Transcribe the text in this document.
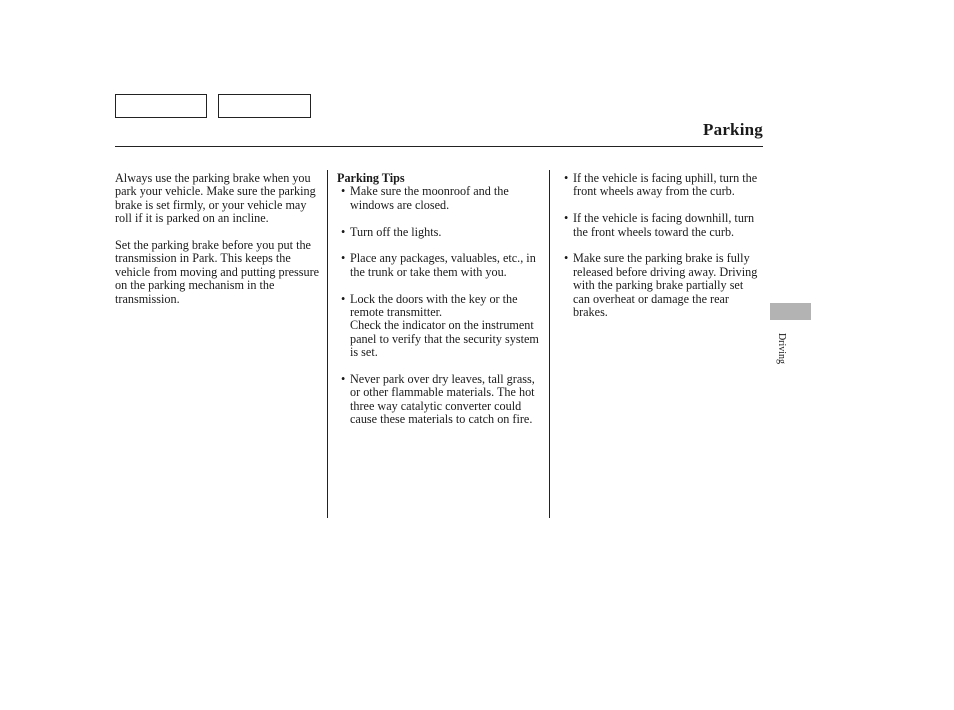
Parking

Always use the parking brake when you park your vehicle. Make sure the parking brake is set firmly, or your vehicle may roll if it is parked on an incline.

Set the parking brake before you put the transmission in Park. This keeps the vehicle from moving and putting pressure on the parking mechanism in the transmission.

Parking Tips

• Make sure the moonroof and the windows are closed.
• Turn off the lights.
• Place any packages, valuables, etc., in the trunk or take them with you.
• Lock the doors with the key or the remote transmitter.
Check the indicator on the instrument panel to verify that the security system is set.
• Never park over dry leaves, tall grass, or other flammable materials. The hot three way catalytic converter could cause these materials to catch on fire.
• If the vehicle is facing uphill, turn the front wheels away from the curb.
• If the vehicle is facing downhill, turn the front wheels toward the curb.
• Make sure the parking brake is fully released before driving away. Driving with the parking brake partially set can overheat or damage the rear brakes.
Driving
